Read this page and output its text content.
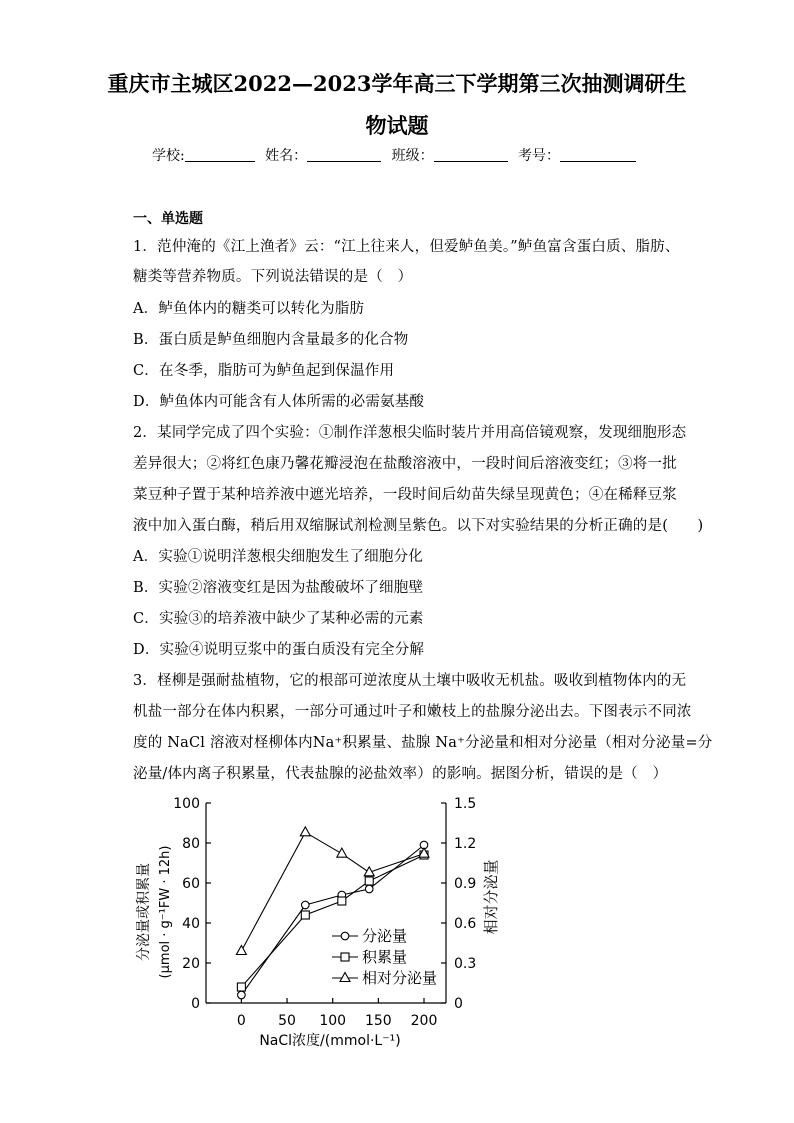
重庆市主城区2022—2023学年高三下学期第三次抽测调研生
物试题
学校:	姓名：	班级：	考号：
一、单选题
1．范仲淹的《江上渔者》云：“江上往来人，但爱鲈鱼美。”鲈鱼富含蛋白质、脂肪、
糖类等营养物质。下列说法错误的是（　）
A．鲈鱼体内的糖类可以转化为脂肪
B．蛋白质是鲈鱼细胞内含量最多的化合物
C．在冬季，脂肪可为鲈鱼起到保温作用
D．鲈鱼体内可能含有人体所需的必需氨基酸
2．某同学完成了四个实验：①制作洋葱根尖临时装片并用高倍镜观察，发现细胞形态
差异很大；②将红色康乃馨花瓣浸泡在盐酸溶液中，一段时间后溶液变红；③将一批
菜豆种子置于某种培养液中遮光培养，一段时间后幼苗失绿呈现黄色；④在稀释豆浆
液中加入蛋白酶，稍后用双缩脲试剂检测呈紫色。以下对实验结果的分析正确的是(　　)
A．实验①说明洋葱根尖细胞发生了细胞分化
B．实验②溶液变红是因为盐酸破坏了细胞壁
C．实验③的培养液中缺少了某种必需的元素
D．实验④说明豆浆中的蛋白质没有完全分解
3．柽柳是强耐盐植物，它的根部可逆浓度从土壤中吸收无机盐。吸收到植物体内的无
机盐一部分在体内积累，一部分可通过叶子和嫩枝上的盐腺分泌出去。下图表示不同浓
度的 NaCl 溶液对柽柳体内Na⁺积累量、盐腺 Na⁺分泌量和相对分泌量（相对分泌量=分
泌量/体内离子积累量，代表盐腺的泌盐效率）的影响。据图分析，错误的是（　）
0
20
40
60
80
100
0
0.3
0.6
0.9
1.2
1.5
0 50 100 150 200
分泌量
积累量
相对分泌量
分泌量或积累量 (μmol · g⁻¹FW · 12h)	相对分泌量
NaCl浓度/(mmol·L⁻¹)
